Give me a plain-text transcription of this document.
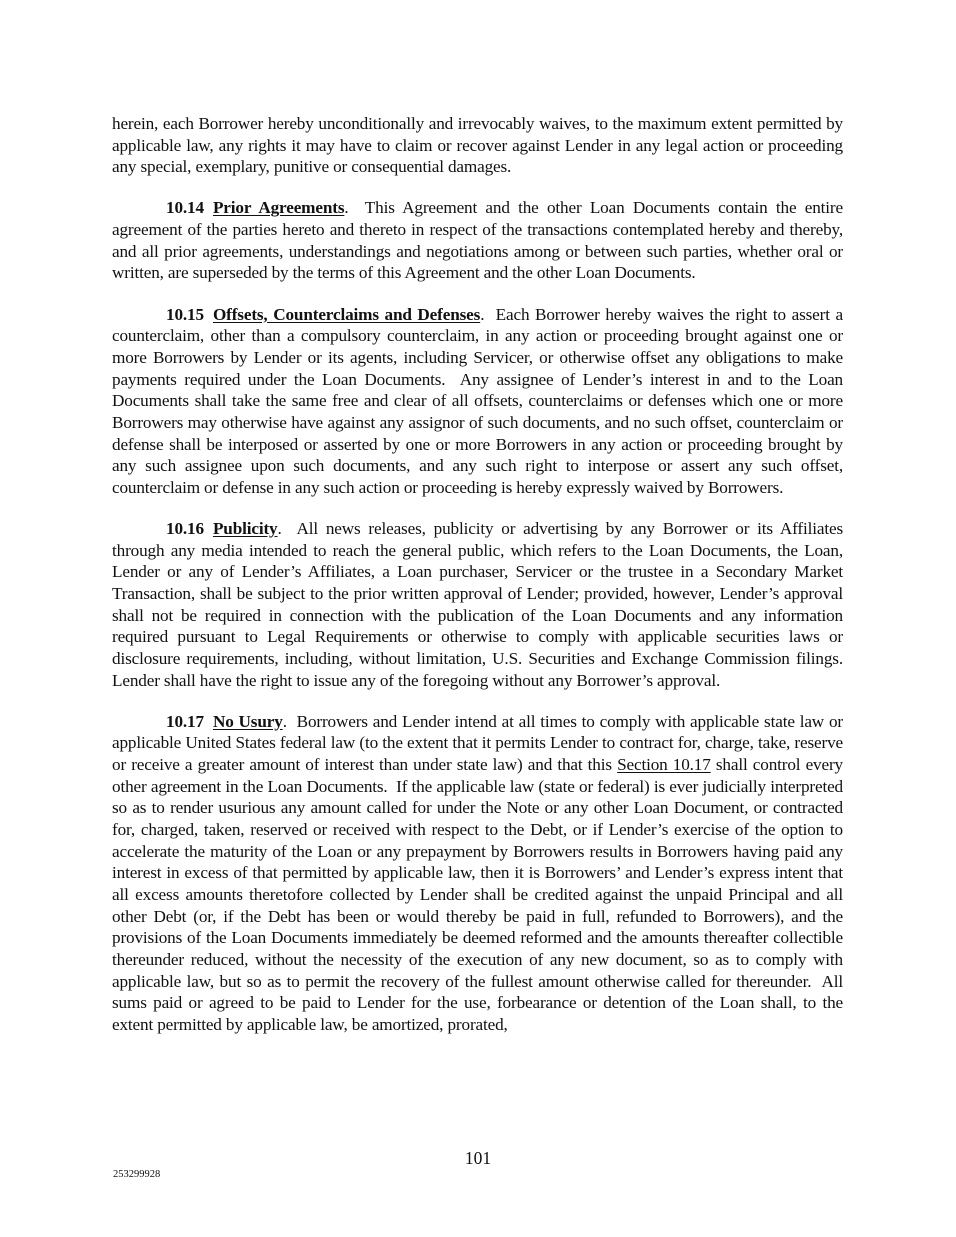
herein, each Borrower hereby unconditionally and irrevocably waives, to the maximum extent permitted by applicable law, any rights it may have to claim or recover against Lender in any legal action or proceeding any special, exemplary, punitive or consequential damages.

10.14 Prior Agreements.  This Agreement and the other Loan Documents contain the entire agreement of the parties hereto and thereto in respect of the transactions contemplated hereby and thereby, and all prior agreements, understandings and negotiations among or between such parties, whether oral or written, are superseded by the terms of this Agreement and the other Loan Documents.

10.15 Offsets, Counterclaims and Defenses.  Each Borrower hereby waives the right to assert a counterclaim, other than a compulsory counterclaim, in any action or proceeding brought against one or more Borrowers by Lender or its agents, including Servicer, or otherwise offset any obligations to make payments required under the Loan Documents.  Any assignee of Lender’s interest in and to the Loan Documents shall take the same free and clear of all offsets, counterclaims or defenses which one or more Borrowers may otherwise have against any assignor of such documents, and no such offset, counterclaim or defense shall be interposed or asserted by one or more Borrowers in any action or proceeding brought by any such assignee upon such documents, and any such right to interpose or assert any such offset, counterclaim or defense in any such action or proceeding is hereby expressly waived by Borrowers.

10.16 Publicity.  All news releases, publicity or advertising by any Borrower or its Affiliates through any media intended to reach the general public, which refers to the Loan Documents, the Loan, Lender or any of Lender’s Affiliates, a Loan purchaser, Servicer or the trustee in a Secondary Market Transaction, shall be subject to the prior written approval of Lender; provided, however, Lender’s approval shall not be required in connection with the publication of the Loan Documents and any information required pursuant to Legal Requirements or otherwise to comply with applicable securities laws or disclosure requirements, including, without limitation, U.S. Securities and Exchange Commission filings.  Lender shall have the right to issue any of the foregoing without any Borrower’s approval.

10.17 No Usury.  Borrowers and Lender intend at all times to comply with applicable state law or applicable United States federal law (to the extent that it permits Lender to contract for, charge, take, reserve or receive a greater amount of interest than under state law) and that this Section 10.17 shall control every other agreement in the Loan Documents.  If the applicable law (state or federal) is ever judicially interpreted so as to render usurious any amount called for under the Note or any other Loan Document, or contracted for, charged, taken, reserved or received with respect to the Debt, or if Lender’s exercise of the option to accelerate the maturity of the Loan or any prepayment by Borrowers results in Borrowers having paid any interest in excess of that permitted by applicable law, then it is Borrowers’ and Lender’s express intent that all excess amounts theretofore collected by Lender shall be credited against the unpaid Principal and all other Debt (or, if the Debt has been or would thereby be paid in full, refunded to Borrowers), and the provisions of the Loan Documents immediately be deemed reformed and the amounts thereafter collectible thereunder reduced, without the necessity of the execution of any new document, so as to comply with applicable law, but so as to permit the recovery of the fullest amount otherwise called for thereunder.  All sums paid or agreed to be paid to Lender for the use, forbearance or detention of the Loan shall, to the extent permitted by applicable law, be amortized, prorated,

101
253299928
